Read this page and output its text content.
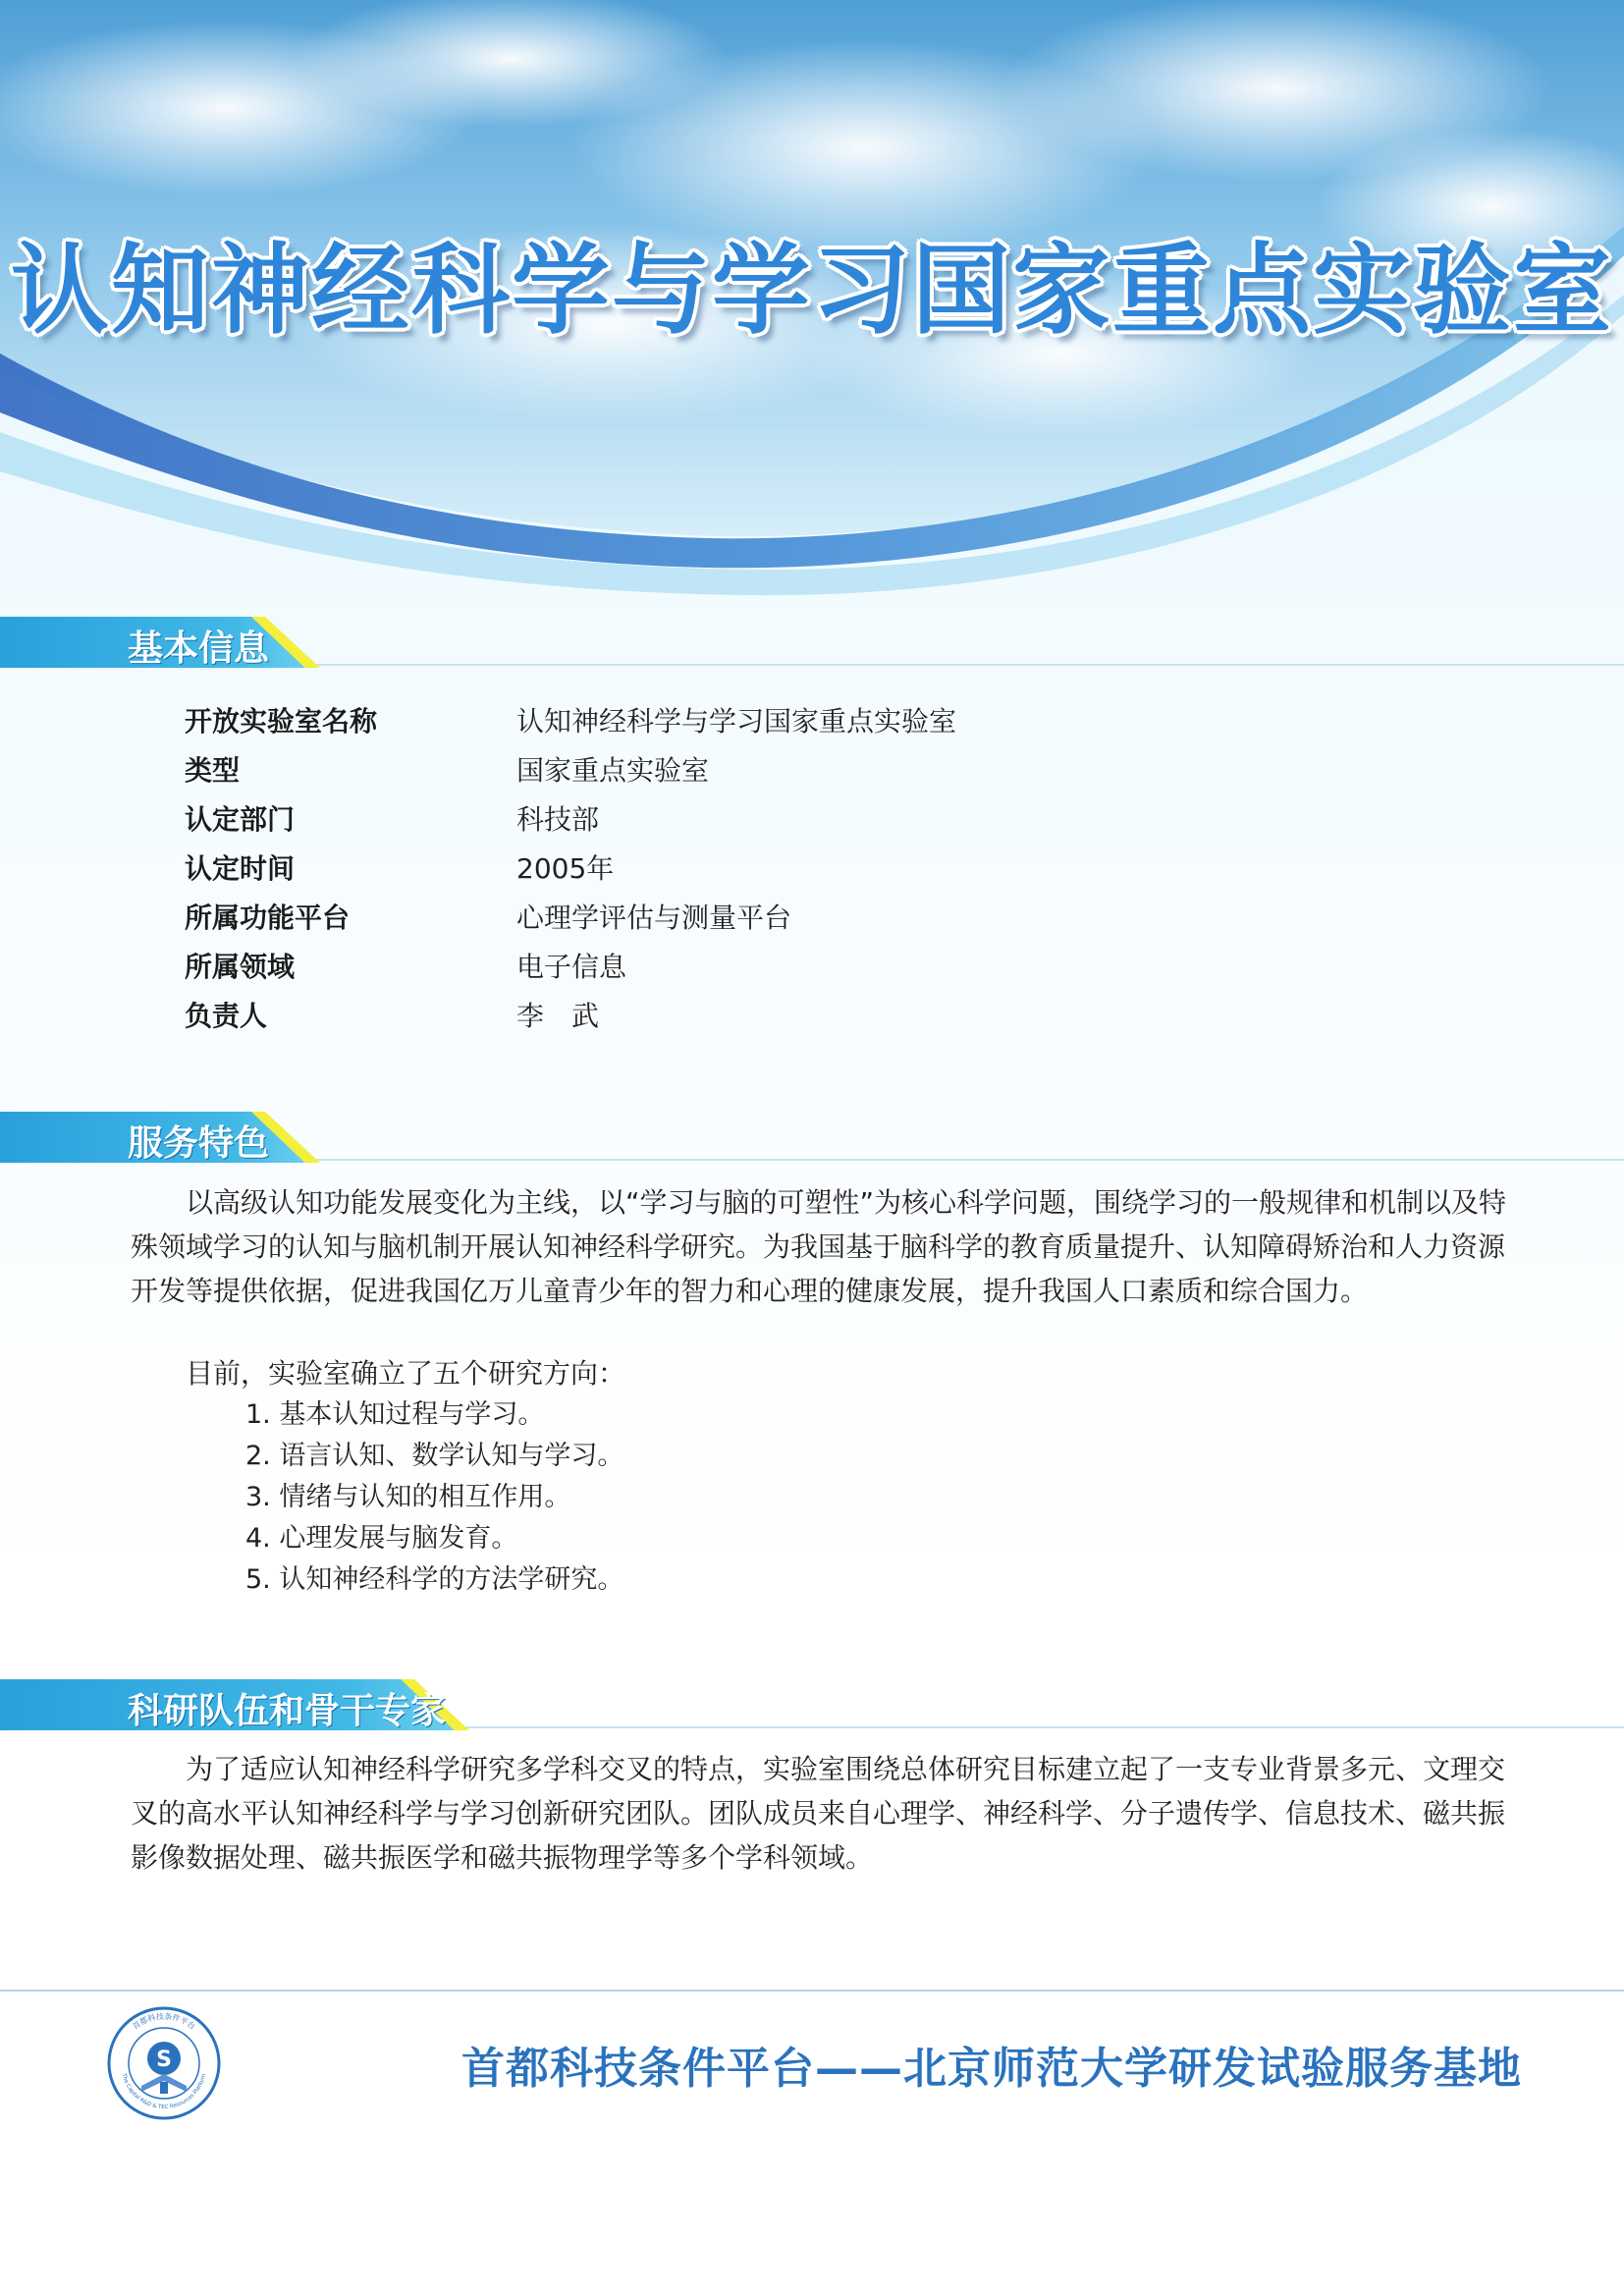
认知神经科学与学习国家重点实验室
基本信息
开放实验室名称	认知神经科学与学习国家重点实验室
类型	国家重点实验室
认定部门	科技部
认定时间	2005年
所属功能平台	心理学评估与测量平台
所属领域	电子信息
负责人	李　武
服务特色

以高级认知功能发展变化为主线，以“学习与脑的可塑性”为核心科学问题，围绕学习的一般规律和机制以及特殊领域学习的认知与脑机制开展认知神经科学研究。为我国基于脑科学的教育质量提升、认知障碍矫治和人力资源开发等提供依据，促进我国亿万儿童青少年的智力和心理的健康发展，提升我国人口素质和综合国力。

目前，实验室确立了五个研究方向：

1. 基本认知过程与学习。
2. 语言认知、数学认知与学习。
3. 情绪与认知的相互作用。
4. 心理发展与脑发育。
5. 认知神经科学的方法学研究。
科研队伍和骨干专家

为了适应认知神经科学研究多学科交叉的特点，实验室围绕总体研究目标建立起了一支专业背景多元、文理交叉的高水平认知神经科学与学习创新研究团队。团队成员来自心理学、神经科学、分子遗传学、信息技术、磁共振影像数据处理、磁共振医学和磁共振物理学等多个学科领域。

首都科技条件平台
The Capital R&D & TEC Resources Platform
S	首都科技条件平台——北京师范大学研发试验服务基地
